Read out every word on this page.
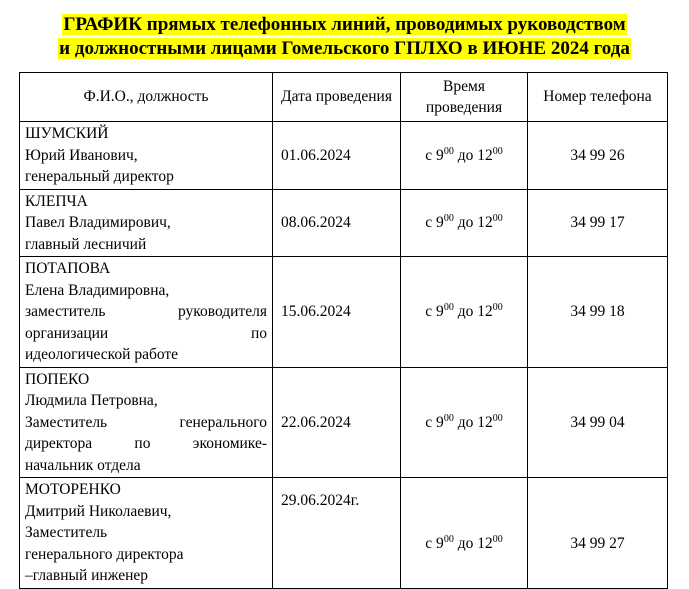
ГРАФИК прямых телефонных линий, проводимых руководством
и должностными лицами Гомельского ГПЛХО в ИЮНЕ 2024 года
Ф.И.О., должность	Дата проведения	Время проведения	Номер телефона

ШУМСКИЙ
Юрий Иванович,
генеральный директор	01.06.2024	с $9^{00}$ до $12^{00}$	34 99 26

КЛЕПЧА
Павел Владимирович,
главный лесничий	08.06.2024	с $9^{00}$ до $12^{00}$	34 99 17

ПОТАПОВА
Елена Владимировна,
заместитель руководителя
организации по
идеологической работе	15.06.2024	с $9^{00}$ до $12^{00}$	34 99 18

ПОПЕКО
Людмила Петровна,
Заместитель генерального
директора по экономике-
начальник отдела	22.06.2024	с $9^{00}$ до $12^{00}$	34 99 04

МОТОРЕНКО
Дмитрий Николаевич,
Заместитель
генерального директора
–главный инженер	29.06.2024г.	с $9^{00}$ до $12^{00}$	34 99 27
